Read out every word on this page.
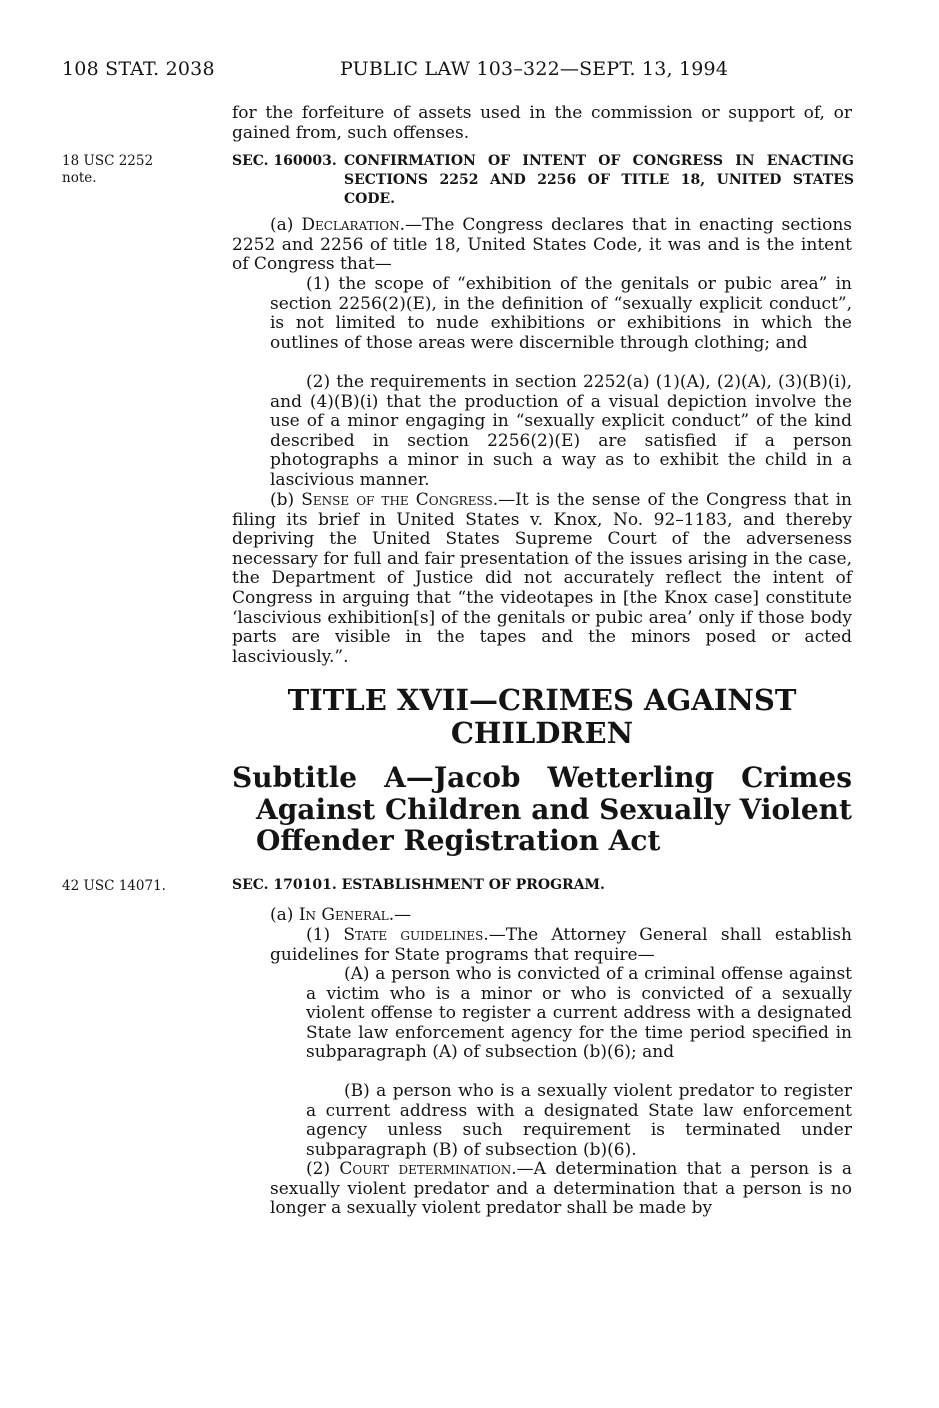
108 STAT. 2038	PUBLIC LAW 103–322—SEPT. 13, 1994

for the forfeiture of assets used in the commission or support of, or gained from, such offenses.

18 USC 2252
note.
SEC. 160003. CONFIRMATION OF INTENT OF CONGRESS IN ENACTING SECTIONS 2252 AND 2256 OF TITLE 18, UNITED STATES CODE.

(a) Declaration.—The Congress declares that in enacting sections 2252 and 2256 of title 18, United States Code, it was and is the intent of Congress that—

(1) the scope of “exhibition of the genitals or pubic area” in section 2256(2)(E), in the definition of “sexually explicit conduct”, is not limited to nude exhibitions or exhibitions in which the outlines of those areas were discernible through clothing; and

(2) the requirements in section 2252(a) (1)(A), (2)(A), (3)(B)(i), and (4)(B)(i) that the production of a visual depiction involve the use of a minor engaging in “sexually explicit conduct” of the kind described in section 2256(2)(E) are satisfied if a person photographs a minor in such a way as to exhibit the child in a lascivious manner.

(b) Sense of the Congress.—It is the sense of the Congress that in filing its brief in United States v. Knox, No. 92–1183, and thereby depriving the United States Supreme Court of the adverseness necessary for full and fair presentation of the issues arising in the case, the Department of Justice did not accurately reflect the intent of Congress in arguing that “the videotapes in [the Knox case] constitute ‘lascivious exhibition[s] of the genitals or pubic area’ only if those body parts are visible in the tapes and the minors posed or acted lasciviously.”.

TITLE XVII—CRIMES AGAINST
CHILDREN
Subtitle A—Jacob Wetterling Crimes
Against Children and Sexually Violent
Offender Registration Act
42 USC 14071.	SEC. 170101. ESTABLISHMENT OF PROGRAM.

(a) In General.—

(1) State guidelines.—The Attorney General shall establish guidelines for State programs that require—

(A) a person who is convicted of a criminal offense against a victim who is a minor or who is convicted of a sexually violent offense to register a current address with a designated State law enforcement agency for the time period specified in subparagraph (A) of subsection (b)(6); and

(B) a person who is a sexually violent predator to register a current address with a designated State law enforcement agency unless such requirement is terminated under subparagraph (B) of subsection (b)(6).

(2) Court determination.—A determination that a person is a sexually violent predator and a determination that a person is no longer a sexually violent predator shall be made by
